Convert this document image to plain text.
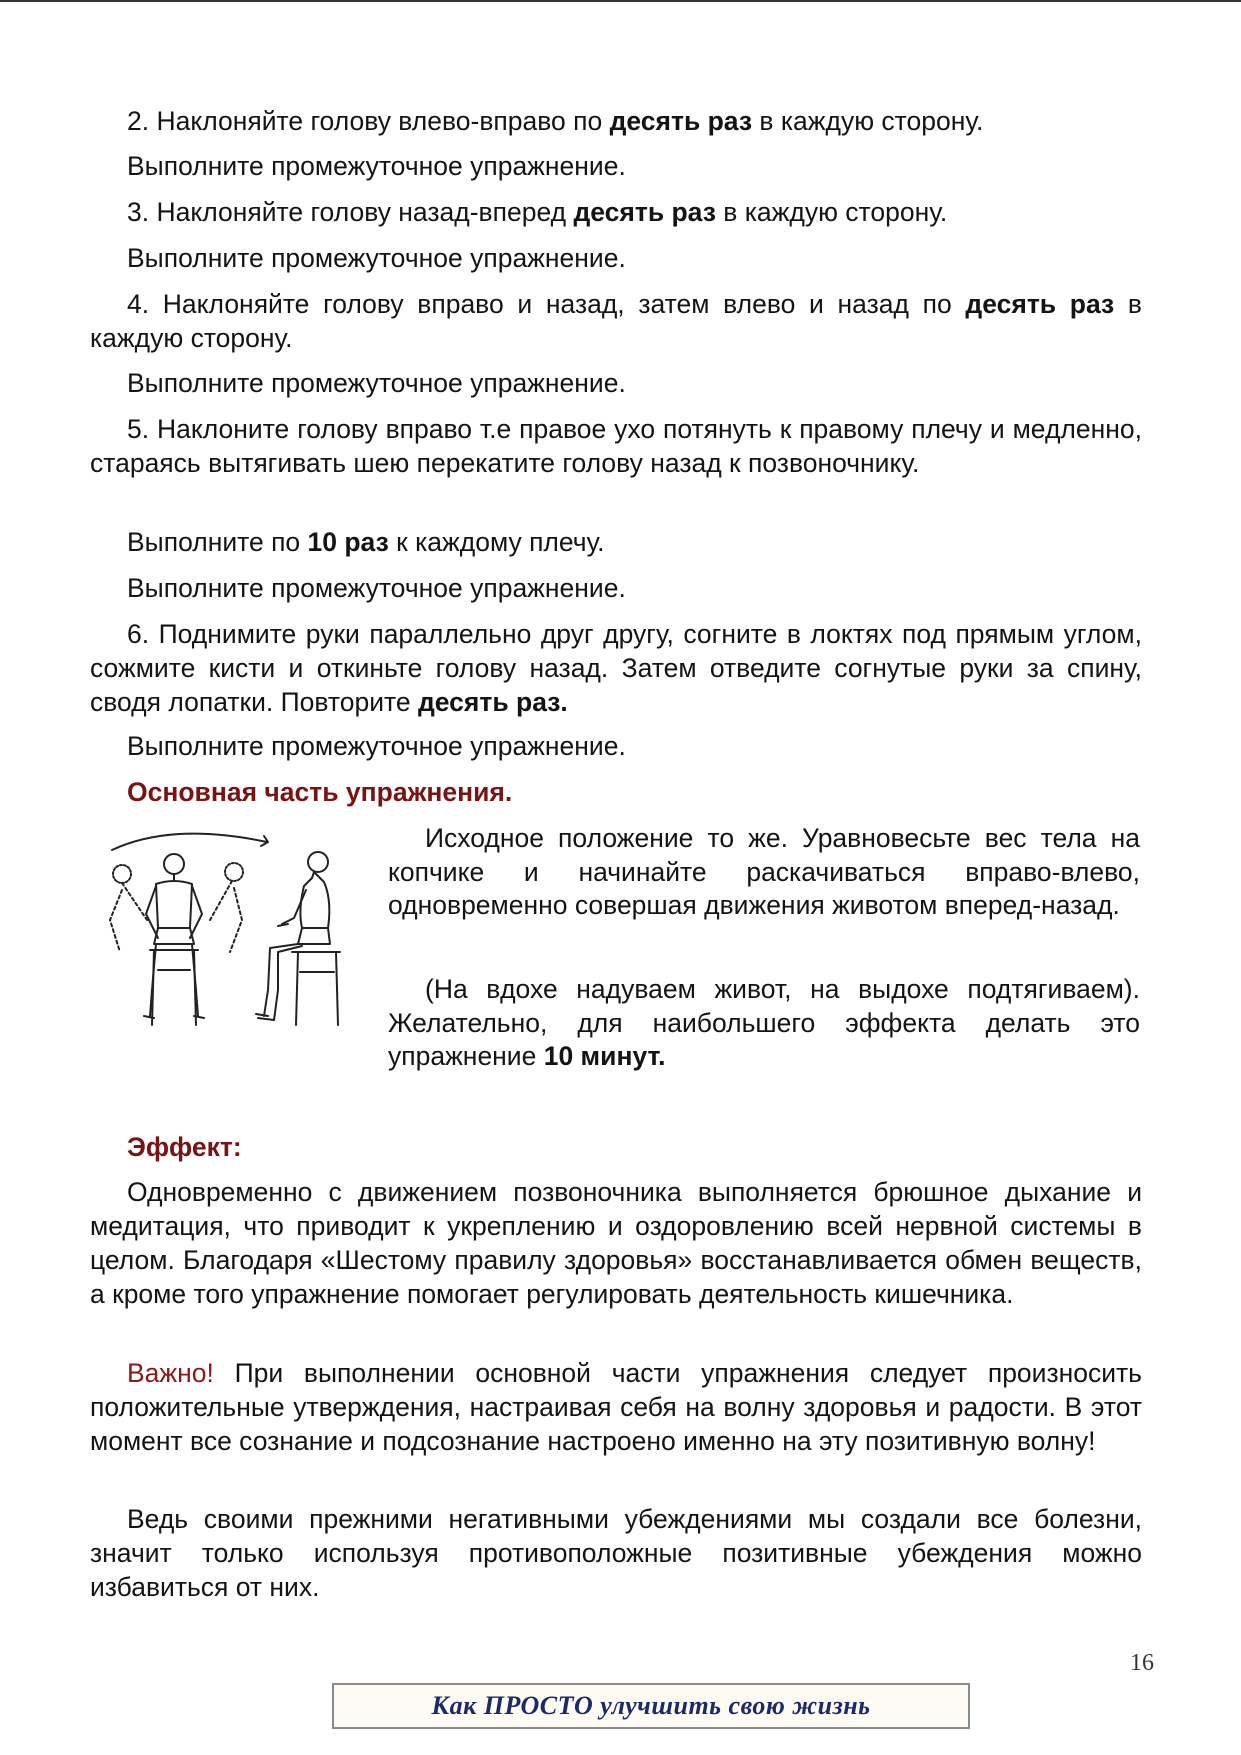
2. Наклоняйте голову влево-вправо по десять раз в каждую сторону.

Выполните промежуточное упражнение.

3. Наклоняйте голову назад-вперед десять раз в каждую сторону.

Выполните промежуточное упражнение.

4. Наклоняйте голову вправо и назад, затем влево и назад по десять раз в каждую сторону.

Выполните промежуточное упражнение.

5. Наклоните голову вправо т.е правое ухо потянуть к правому плечу и медленно, стараясь вытягивать шею перекатите голову назад к позвоночнику.

Выполните по 10 раз к каждому плечу.

Выполните промежуточное упражнение.

6. Поднимите руки параллельно друг другу, согните в локтях под прямым углом, сожмите кисти и откиньте голову назад. Затем отведите согнутые руки за спину, сводя лопатки. Повторите десять раз.

Выполните промежуточное упражнение.

Основная часть упражнения.

Исходное положение то же. Уравновесьте вес тела на копчике и начинайте раскачиваться вправо-влево, одновременно совершая движения животом вперед-назад.

(На вдохе надуваем живот, на выдохе подтягиваем). Желательно, для наибольшего эффекта делать это упражнение 10 минут.

Эффект:

Одновременно с движением позвоночника выполняется брюшное дыхание и медитация, что приводит к укреплению и оздоровлению всей нервной системы в целом. Благодаря «Шестому правилу здоровья» восстанавливается обмен веществ, а кроме того упражнение помогает регулировать деятельность кишечника.

Важно! При выполнении основной части упражнения следует произносить положительные утверждения, настраивая себя на волну здоровья и радости. В этот момент все сознание и подсознание настроено именно на эту позитивную волну!

Ведь своими прежними негативными убеждениями мы создали все болезни, значит только используя противоположные позитивные убеждения можно избавиться от них.

16
Как ПРОСТО улучшить свою жизнь
